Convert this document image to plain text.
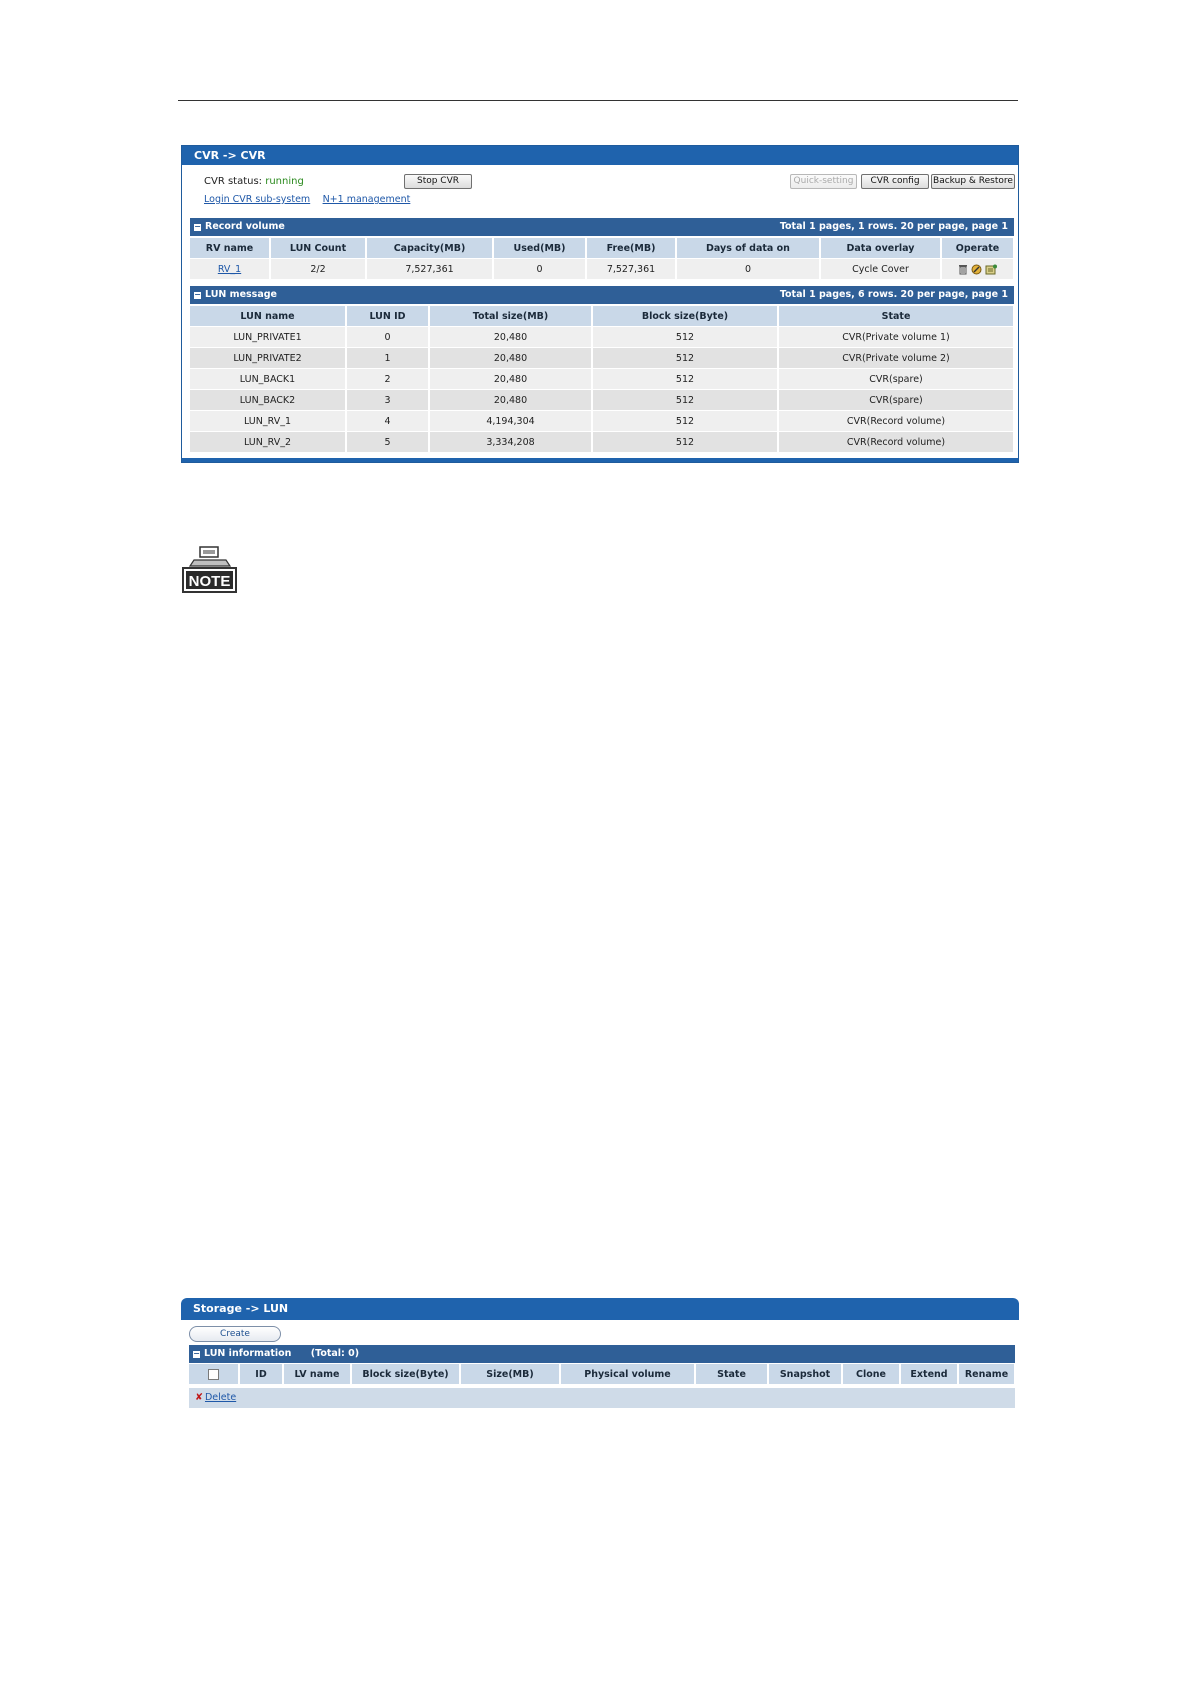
CVR -> CVR
CVR status: running	Stop CVR	Quick-setting	CVR config	Backup & Restore
Login CVR sub-system N+1 management
− Record volume	Total 1 pages, 1 rows. 20 per page, page 1
RV name	LUN Count	Capacity(MB)	Used(MB)	Free(MB)	Days of data on	Data overlay	Operate
RV_1	2/2	7,527,361	0	7,527,361	0	Cycle Cover	
− LUN message	Total 1 pages, 6 rows. 20 per page, page 1
LUN name	LUN ID	Total size(MB)	Block size(Byte)	State
LUN_PRIVATE1	0	20,480	512	CVR(Private volume 1)
LUN_PRIVATE2	1	20,480	512	CVR(Private volume 2)
LUN_BACK1	2	20,480	512	CVR(spare)
LUN_BACK2	3	20,480	512	CVR(spare)
LUN_RV_1	4	4,194,304	512	CVR(Record volume)
LUN_RV_2	5	3,334,208	512	CVR(Record volume)
NOTE
Storage -> LUN
Create
− LUN information (Total: 0)
	ID	LV name	Block size(Byte)	Size(MB)	Physical volume	State	Snapshot	Clone	Extend	Rename
✘ Delete
